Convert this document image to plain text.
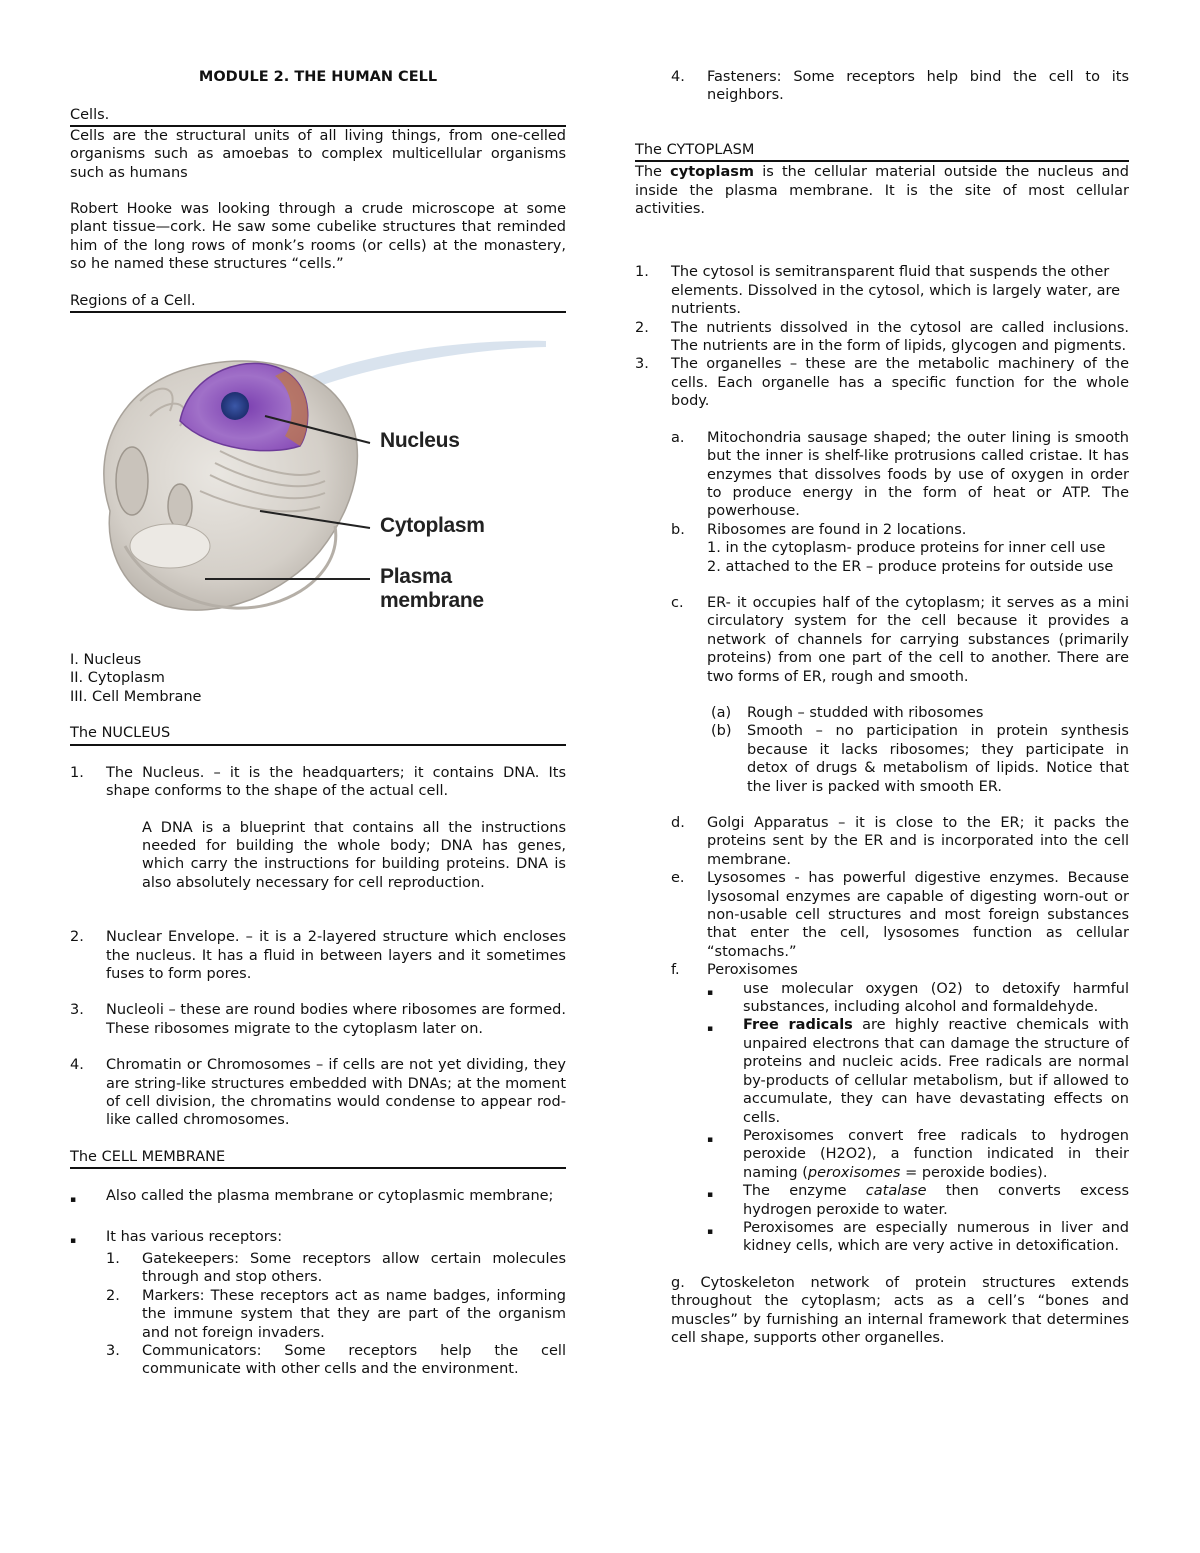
MODULE 2. THE HUMAN CELL

Cells.

Cells are the structural units of all living things, from one-celled organisms such as amoebas to complex multicellular organisms such as humans

Robert Hooke was looking through a crude microscope at some plant tissue—cork. He saw some cubelike structures that reminded him of the long rows of monk’s rooms (or cells) at the monastery, so he named these structures “cells.”

Regions of a Cell.

Nucleus
Cytoplasm
Plasma
membrane

I. Nucleus

II. Cytoplasm

III. Cell Membrane

The NUCLEUS

1.	The Nucleus. – it is the headquarters; it contains DNA. Its shape conforms to the shape of the actual cell.

A DNA is a blueprint that contains all the instructions needed for building the whole body; DNA has genes, which carry the instructions for building proteins. DNA is also absolutely necessary for cell reproduction.

2.	Nuclear Envelope. – it is a 2-layered structure which encloses the nucleus. It has a fluid in between layers and it sometimes fuses to form pores.
3.	Nucleoli – these are round bodies where ribosomes are formed. These ribosomes migrate to the cytoplasm later on.
4.	Chromatin or Chromosomes – if cells are not yet dividing, they are string-like structures embedded with DNAs; at the moment of cell division, the chromatins would condense to appear rod-like called chromosomes.

The CELL MEMBRANE

▪	Also called the plasma membrane or cytoplasmic membrane;
▪	It has various receptors:
1.	Gatekeepers: Some receptors allow certain molecules through and stop others.
2.	Markers: These receptors act as name badges, informing the immune system that they are part of the organism and not foreign invaders.
3.	Communicators: Some receptors help the cell communicate with other cells and the environment.
4.	Fasteners: Some receptors help bind the cell to its neighbors.

The CYTOPLASM

The cytoplasm is the cellular material outside the nucleus and inside the plasma membrane. It is the site of most cellular activities.

1.	The cytosol is semitransparent fluid that suspends the other elements. Dissolved in the cytosol, which is largely water, are nutrients.
2.	The nutrients dissolved in the cytosol are called inclusions. The nutrients are in the form of lipids, glycogen and pigments.
3.	The organelles – these are the metabolic machinery of the cells. Each organelle has a specific function for the whole body.
a.	Mitochondria sausage shaped; the outer lining is smooth but the inner is shelf-like protrusions called cristae. It has enzymes that dissolves foods by use of oxygen in order to produce energy in the form of heat or ATP. The powerhouse.
b.	Ribosomes are found in 2 locations.
1. in the cytoplasm- produce proteins for inner cell use
2. attached to the ER – produce proteins for outside use
c.	ER- it occupies half of the cytoplasm; it serves as a mini circulatory system for the cell because it provides a network of channels for carrying substances (primarily proteins) from one part of the cell to another. There are two forms of ER, rough and smooth.
(a)	Rough – studded with ribosomes
(b)	Smooth – no participation in protein synthesis because it lacks ribosomes; they participate in detox of drugs & metabolism of lipids. Notice that the liver is packed with smooth ER.
d.	Golgi Apparatus – it is close to the ER; it packs the proteins sent by the ER and is incorporated into the cell membrane.
e.	Lysosomes - has powerful digestive enzymes. Because lysosomal enzymes are capable of digesting worn-out or non-usable cell structures and most foreign substances that enter the cell, lysosomes function as cellular “stomachs.”
f.	Peroxisomes
▪	use molecular oxygen (O2) to detoxify harmful substances, including alcohol and formaldehyde.
▪	Free radicals are highly reactive chemicals with unpaired electrons that can damage the structure of proteins and nucleic acids. Free radicals are normal by-products of cellular metabolism, but if allowed to accumulate, they can have devastating effects on cells.
▪	Peroxisomes convert free radicals to hydrogen peroxide (H2O2), a function indicated in their naming (peroxisomes = peroxide bodies).
▪	The enzyme catalase then converts excess hydrogen peroxide to water.
▪	Peroxisomes are especially numerous in liver and kidney cells, which are very active in detoxification.

g. Cytoskeleton network of protein structures extends throughout the cytoplasm; acts as a cell’s “bones and muscles” by furnishing an internal framework that determines cell shape, supports other organelles.
